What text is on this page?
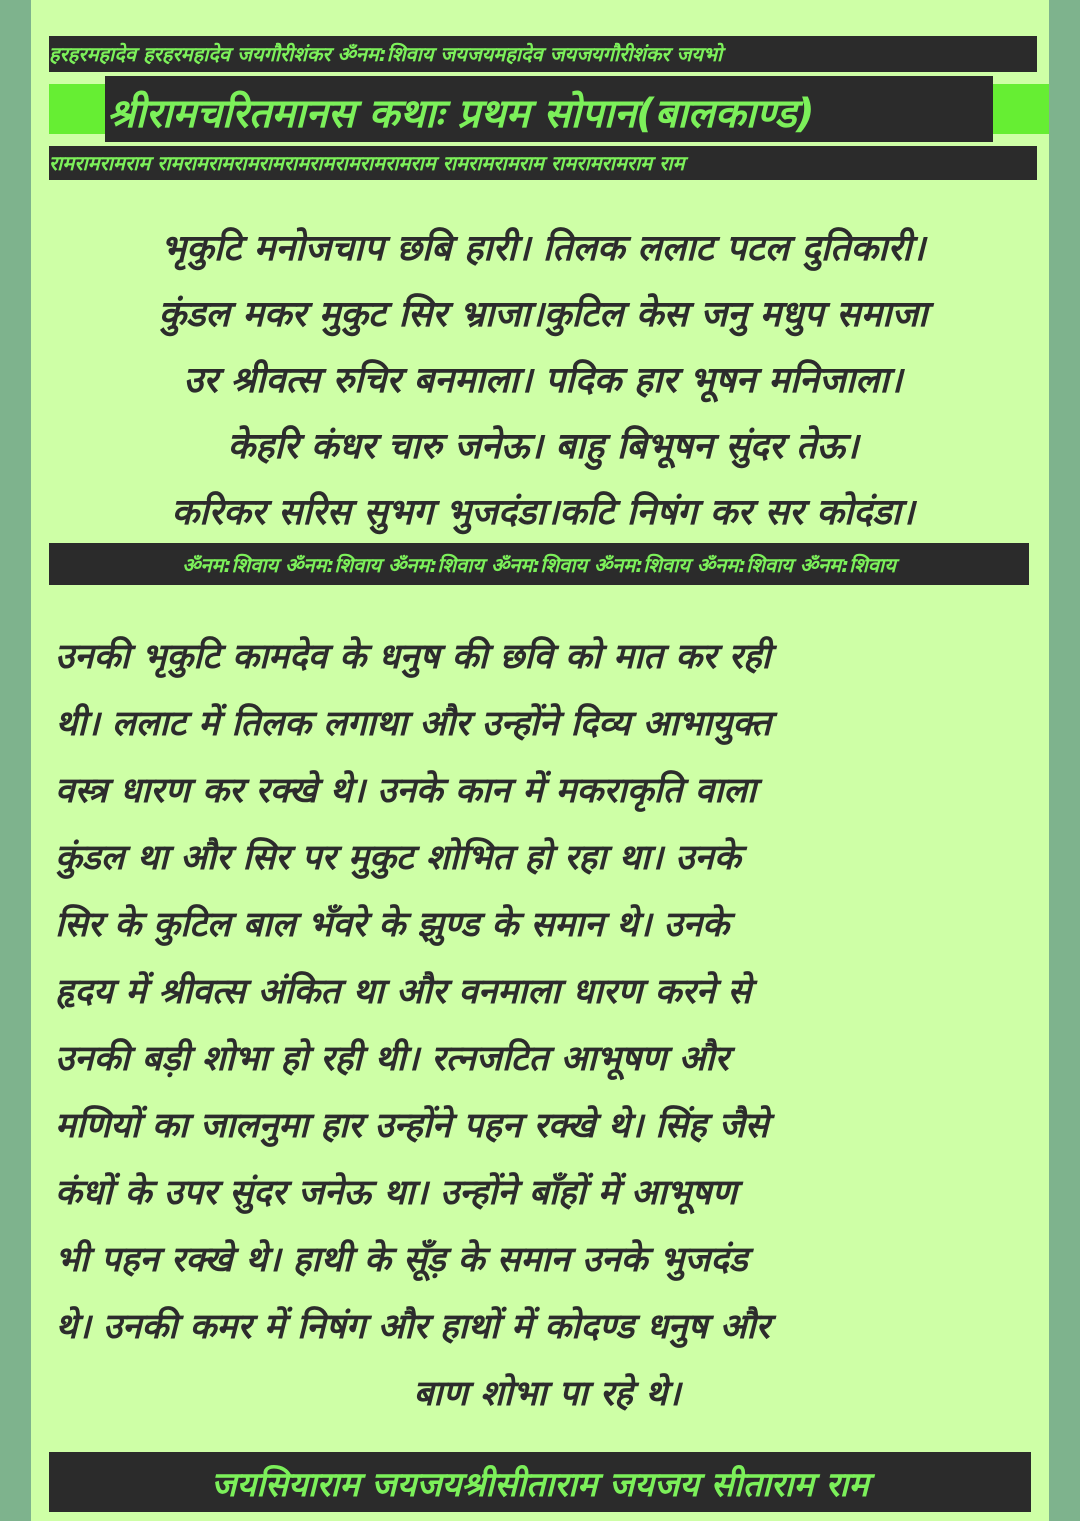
हरहरमहादेव हरहरमहादेव जयगौरीशंकर ॐनम:शिवाय जयजयमहादेव जयजयगौरीशंकर जयभो
श्रीरामचरितमानस कथाः प्रथम सोपान(बालकाण्ड)
रामरामरामराम रामरामरामरामरामरामरामरामरामरामराम रामरामरामराम रामरामरामराम राम
भृकुटि मनोजचाप छबि हारी। तिलक ललाट पटल दुतिकारी।
कुंडल मकर मुकुट सिर भ्राजा।कुटिल केस जनु मधुप समाजा
उर श्रीवत्स रुचिर बनमाला। पदिक हार भूषन मनिजाला।
केहरि कंधर चारु जनेऊ। बाहु बिभूषन सुंदर तेऊ।
करिकर सरिस सुभग भुजदंडा।कटि निषंग कर सर कोदंडा।
ॐनम:शिवाय ॐनम:शिवाय ॐनम:शिवाय ॐनम:शिवाय ॐनम:शिवाय ॐनम:शिवाय ॐनम:शिवाय
उनकी भृकुटि कामदेव के धनुष की छवि को मात कर रही
थी। ललाट में तिलक लगाथा और उन्होंने दिव्य आभायुक्त
वस्त्र धारण कर रक्खे थे। उनके कान में मकराकृति वाला
कुंडल था और सिर पर मुकुट शोभित हो रहा था। उनके
सिर के कुटिल बाल भँवरे के झुण्ड के समान थे। उनके
हृदय में श्रीवत्स अंकित था और वनमाला धारण करने से
उनकी बड़ी शोभा हो रही थी। रत्नजटित आभूषण और
मणियों का जालनुमा हार उन्होंने पहन रक्खे थे। सिंह जैसे
कंधों के उपर सुंदर जनेऊ था। उन्होंने बाँहों में आभूषण
भी पहन रक्खे थे। हाथी के सूँड़ के समान उनके भुजदंड
थे। उनकी कमर में निषंग और हाथों में कोदण्ड धनुष और
बाण शोभा पा रहे थे।
जयसियाराम जयजयश्रीसीताराम जयजय सीताराम राम
